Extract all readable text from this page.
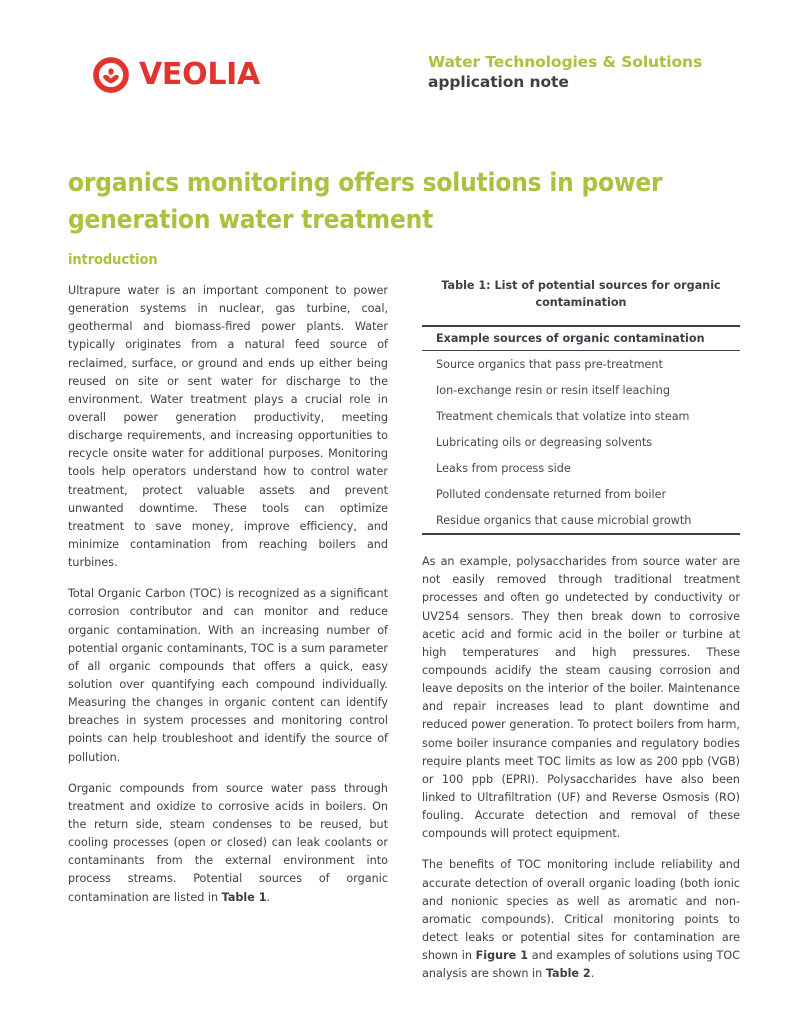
VEOLIA	Water Technologies & Solutions
application note
organics monitoring offers solutions in power generation water treatment
introduction

Ultrapure water is an important component to power generation systems in nuclear, gas turbine, coal, geothermal and biomass-fired power plants. Water typically originates from a natural feed source of reclaimed, surface, or ground and ends up either being reused on site or sent water for discharge to the environment. Water treatment plays a crucial role in overall power generation productivity, meeting discharge requirements, and increasing opportunities to recycle onsite water for additional purposes. Monitoring tools help operators understand how to control water treatment, protect valuable assets and prevent unwanted downtime. These tools can optimize treatment to save money, improve efficiency, and minimize contamination from reaching boilers and turbines.

Total Organic Carbon (TOC) is recognized as a significant corrosion contributor and can monitor and reduce organic contamination. With an increasing number of potential organic contaminants, TOC is a sum parameter of all organic compounds that offers a quick, easy solution over quantifying each compound individually. Measuring the changes in organic content can identify breaches in system processes and monitoring control points can help troubleshoot and identify the source of pollution.

Organic compounds from source water pass through treatment and oxidize to corrosive acids in boilers. On the return side, steam condenses to be reused, but cooling processes (open or closed) can leak coolants or contaminants from the external environment into process streams. Potential sources of organic contamination are listed in Table 1.

Table 1: List of potential sources for organic contamination
Example sources of organic contamination
Source organics that pass pre-treatment
Ion-exchange resin or resin itself leaching
Treatment chemicals that volatize into steam
Lubricating oils or degreasing solvents
Leaks from process side
Polluted condensate returned from boiler
Residue organics that cause microbial growth

As an example, polysaccharides from source water are not easily removed through traditional treatment processes and often go undetected by conductivity or UV254 sensors. They then break down to corrosive acetic acid and formic acid in the boiler or turbine at high temperatures and high pressures. These compounds acidify the steam causing corrosion and leave deposits on the interior of the boiler. Maintenance and repair increases lead to plant downtime and reduced power generation. To protect boilers from harm, some boiler insurance companies and regulatory bodies require plants meet TOC limits as low as 200 ppb (VGB) or 100 ppb (EPRI). Polysaccharides have also been linked to Ultrafiltration (UF) and Reverse Osmosis (RO) fouling. Accurate detection and removal of these compounds will protect equipment.

The benefits of TOC monitoring include reliability and accurate detection of overall organic loading (both ionic and nonionic species as well as aromatic and non-aromatic compounds). Critical monitoring points to detect leaks or potential sites for contamination are shown in Figure 1 and examples of solutions using TOC analysis are shown in Table 2.
